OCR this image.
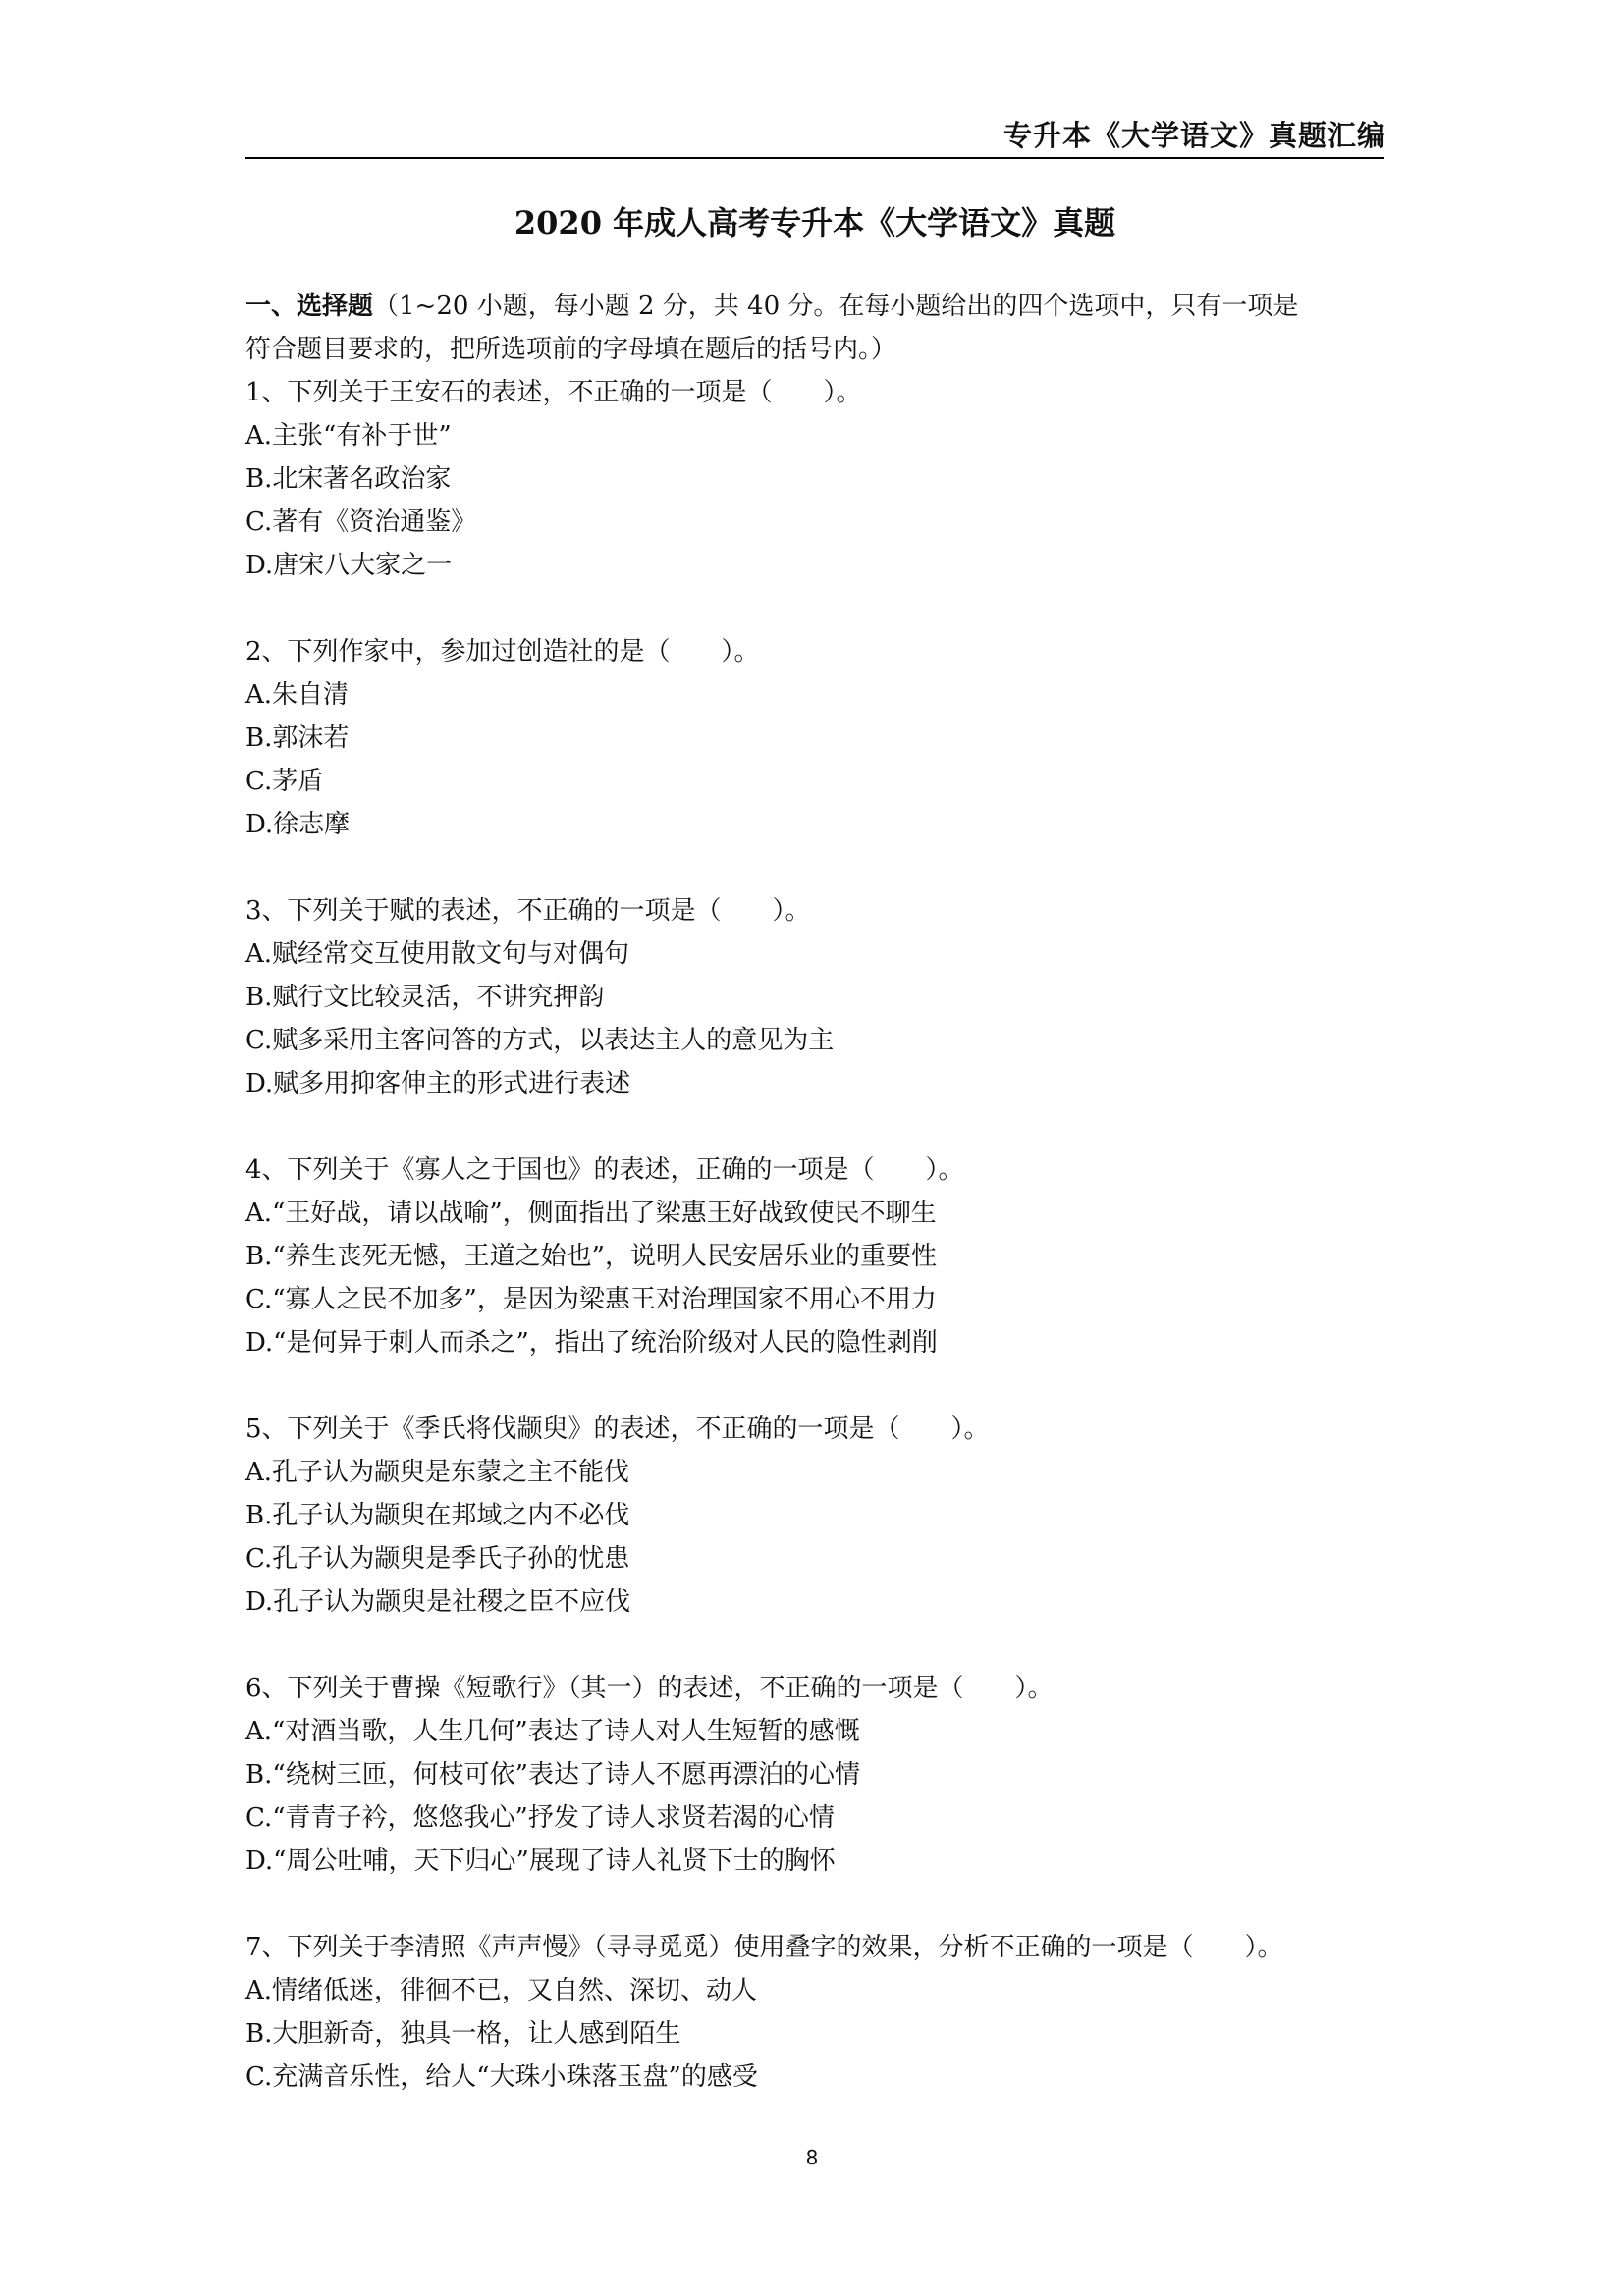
专升本《大学语文》真题汇编
2020 年成人高考专升本《大学语文》真题

一、选择题（1~20 小题，每小题 2 分，共 40 分。在每小题给出的四个选项中，只有一项是
符合题目要求的，把所选项前的字母填在题后的括号内。）

1、下列关于王安石的表述，不正确的一项是（　　）。
A.主张“有补于世”
B.北宋著名政治家
C.著有《资治通鉴》
D.唐宋八大家之一
2、下列作家中，参加过创造社的是（　　）。
A.朱自清
B.郭沫若
C.茅盾
D.徐志摩
3、下列关于赋的表述，不正确的一项是（　　）。
A.赋经常交互使用散文句与对偶句
B.赋行文比较灵活，不讲究押韵
C.赋多采用主客问答的方式，以表达主人的意见为主
D.赋多用抑客伸主的形式进行表述
4、下列关于《寡人之于国也》的表述，正确的一项是（　　）。
A.“王好战，请以战喻”，侧面指出了梁惠王好战致使民不聊生
B.“养生丧死无憾，王道之始也”，说明人民安居乐业的重要性
C.“寡人之民不加多”，是因为梁惠王对治理国家不用心不用力
D.“是何异于刺人而杀之”，指出了统治阶级对人民的隐性剥削
5、下列关于《季氏将伐颛臾》的表述，不正确的一项是（　　）。
A.孔子认为颛臾是东蒙之主不能伐
B.孔子认为颛臾在邦域之内不必伐
C.孔子认为颛臾是季氏子孙的忧患
D.孔子认为颛臾是社稷之臣不应伐
6、下列关于曹操《短歌行》（其一）的表述，不正确的一项是（　　）。
A.“对酒当歌，人生几何”表达了诗人对人生短暂的感慨
B.“绕树三匝，何枝可依”表达了诗人不愿再漂泊的心情
C.“青青子衿，悠悠我心”抒发了诗人求贤若渴的心情
D.“周公吐哺，天下归心”展现了诗人礼贤下士的胸怀
7、下列关于李清照《声声慢》（寻寻觅觅）使用叠字的效果，分析不正确的一项是（　　）。
A.情绪低迷，徘徊不已，又自然、深切、动人
B.大胆新奇，独具一格，让人感到陌生
C.充满音乐性，给人“大珠小珠落玉盘”的感受
8
